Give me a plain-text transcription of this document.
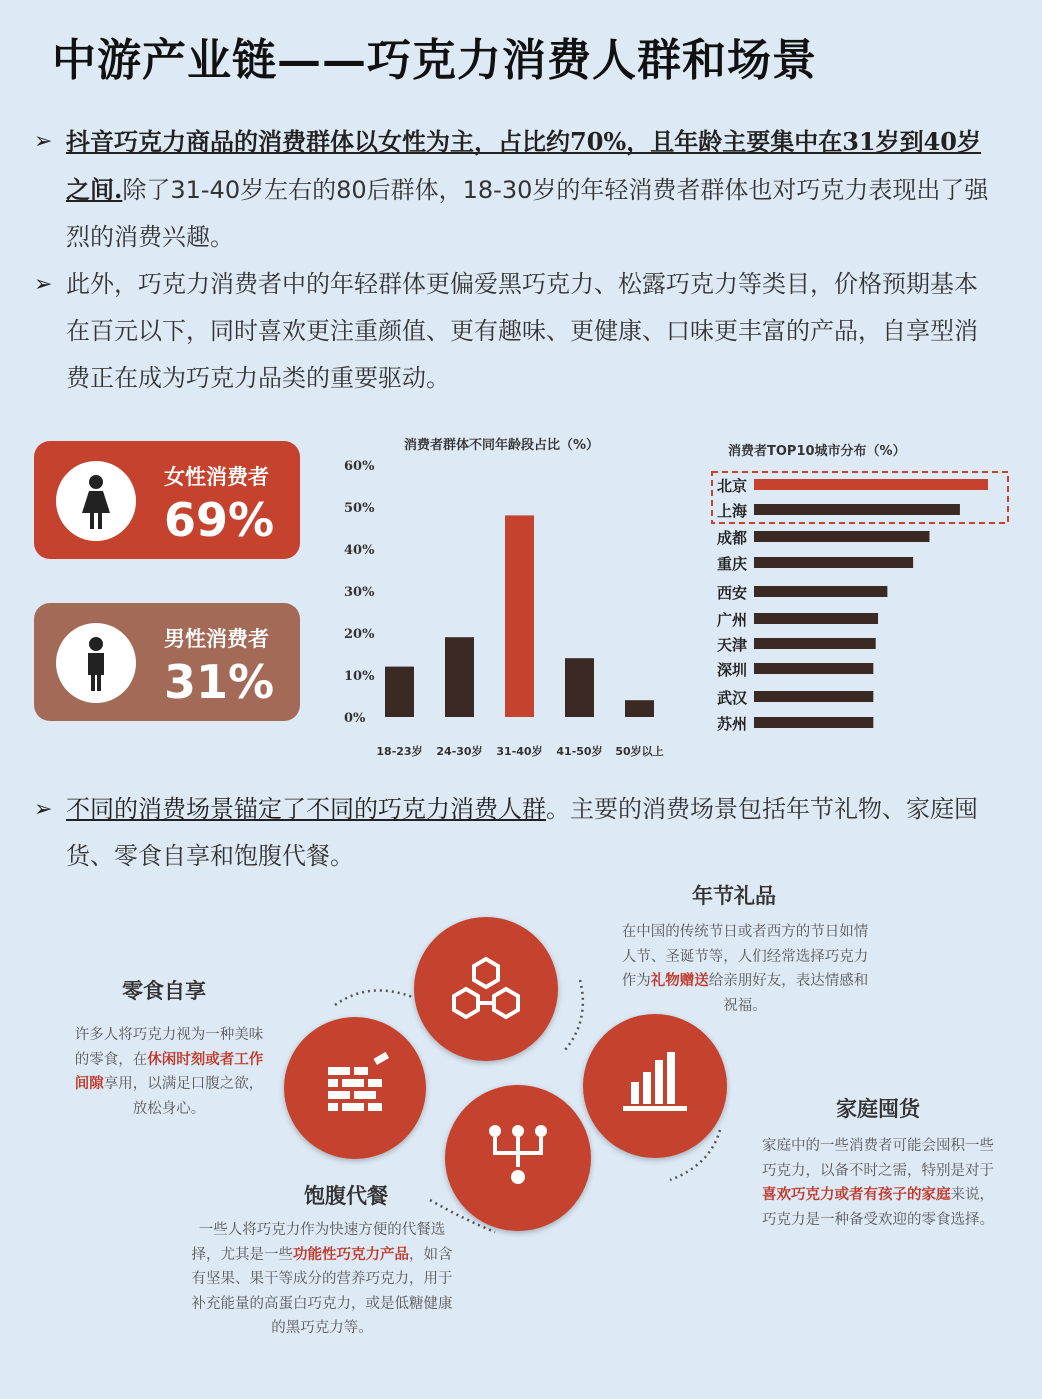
中游产业链——巧克力消费人群和场景
➢ 抖音巧克力商品的消费群体以女性为主，占比约70%，且年龄主要集中在31岁到40岁之间.除了31-40岁左右的80后群体，18-30岁的年轻消费者群体也对巧克力表现出了强烈的消费兴趣。
➢ 此外，巧克力消费者中的年轻群体更偏爱黑巧克力、松露巧克力等类目，价格预期基本在百元以下，同时喜欢更注重颜值、更有趣味、更健康、口味更丰富的产品，自享型消费正在成为巧克力品类的重要驱动。
女性消费者
69%
男性消费者
31%
消费者群体不同年龄段占比（%）
60%
50%
40%
30%
20%
10%
0%
18-23岁 24-30岁 31-40岁 41-50岁 50岁以上
消费者TOP10城市分布（%）
北京
上海
成都
重庆
西安
广州
天津
深圳
武汉
苏州
➢ 不同的消费场景锚定了不同的巧克力消费人群。主要的消费场景包括年节礼物、家庭囤货、零食自享和饱腹代餐。
年节礼品
在中国的传统节日或者西方的节日如情人节、圣诞节等，人们经常选择巧克力作为礼物赠送给亲朋好友，表达情感和祝福。
零食自享
许多人将巧克力视为一种美味的零食，在休闲时刻或者工作间隙享用，以满足口腹之欲，放松身心。	家庭囤货
家庭中的一些消费者可能会囤积一些巧克力，以备不时之需，特别是对于喜欢巧克力或者有孩子的家庭来说，巧克力是一种备受欢迎的零食选择。
饱腹代餐
一些人将巧克力作为快速方便的代餐选择，尤其是一些功能性巧克力产品，如含有坚果、果干等成分的营养巧克力，用于补充能量的高蛋白巧克力，或是低糖健康的黑巧克力等。
